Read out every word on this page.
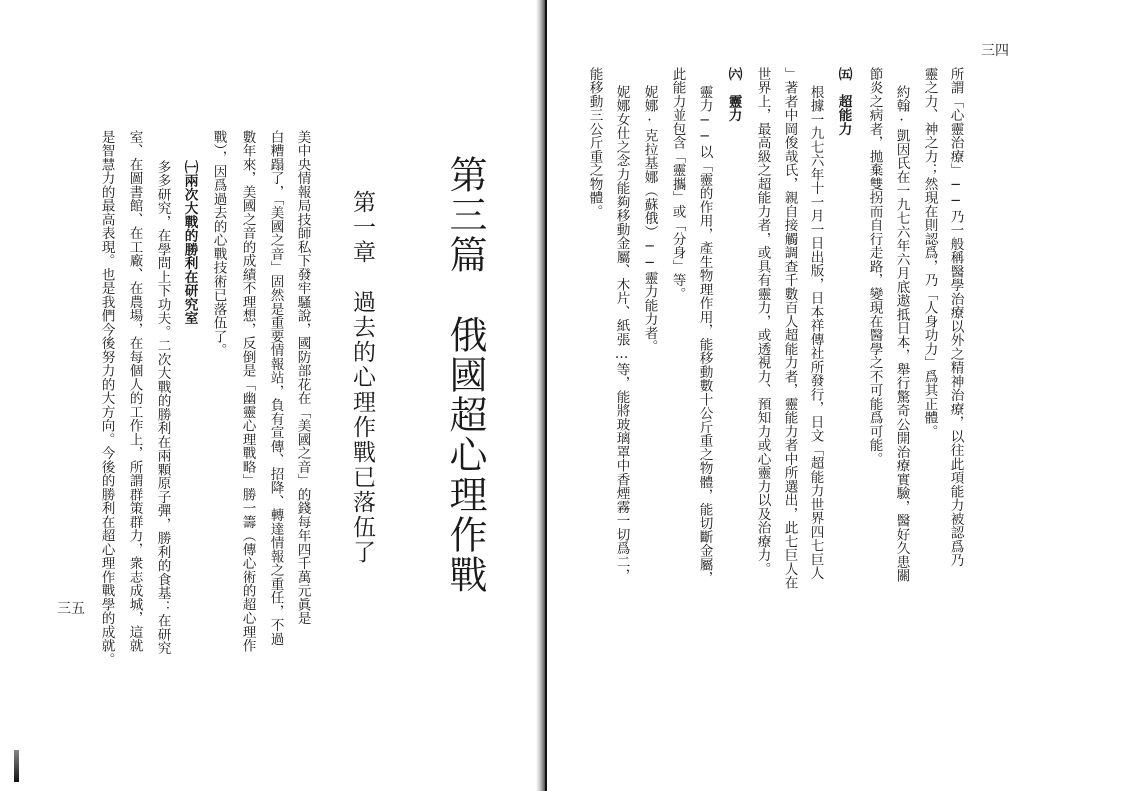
三四
所謂「心靈治療」──乃一般稱醫學治療以外之精神治療，以往此項能力被認爲乃
靈之力、神之力；然現在則認爲，乃「人身功力」爲其正體。
約翰·凱因氏在一九七六年六月底遨抵日本，舉行驚奇公開治療實驗，醫好久患關
節炎之病者，拋棄雙拐而自行走路，變現在醫學之不可能爲可能。
㈤　超能力
根據一九七六年十一月一日出版，日本祥傳社所發行，日文「超能力世界四七巨人
」著者中岡俊哉氏，親自接觸調查千數百人超能力者，靈能力者中所選出，此七巨人在
世界上，最高級之超能力者，或具有靈力，或透視力、預知力或心靈力以及治療力。
㈥　靈力
靈力──以「靈的作用，產生物理作用，能移動數十公斤重之物體，能切斷金屬，
此能力並包含「靈攜」或「分身」等。
妮娜·克拉基娜（蘇俄）──靈力能力者。
妮娜女仕之念力能夠移動金屬、木片、紙張…等，能將玻璃罩中香煙霧一切爲二，
能移動三公斤重之物體。
第三篇　俄國超心理作戰
第一章　過去的心理作戰已落伍了
美中央情報局技師私下發牢騷說，國防部花在「美國之音」的錢每年四千萬元眞是
白糟蹋了，「美國之音」固然是重要情報站，負有宣傳、招降、轉達情報之重任，不過
數年來，美國之音的成績不理想，反倒是「幽靈心理戰略」勝一籌（傳心術的超心理作
戰），因爲過去的心戰技術已落伍了。
㈠兩次大戰的勝利在研究室
多多研究，在學問上下功夫。二次大戰的勝利在兩顆原子彈，勝利的食基：在研究
室、在圖書館、在工廠、在農場，在每個人的工作上，所謂群策群力，衆志成城，這就
是智慧力的最高表現。也是我們今後努力的大方向。今後的勝利在超心理作戰學的成就。
三五
